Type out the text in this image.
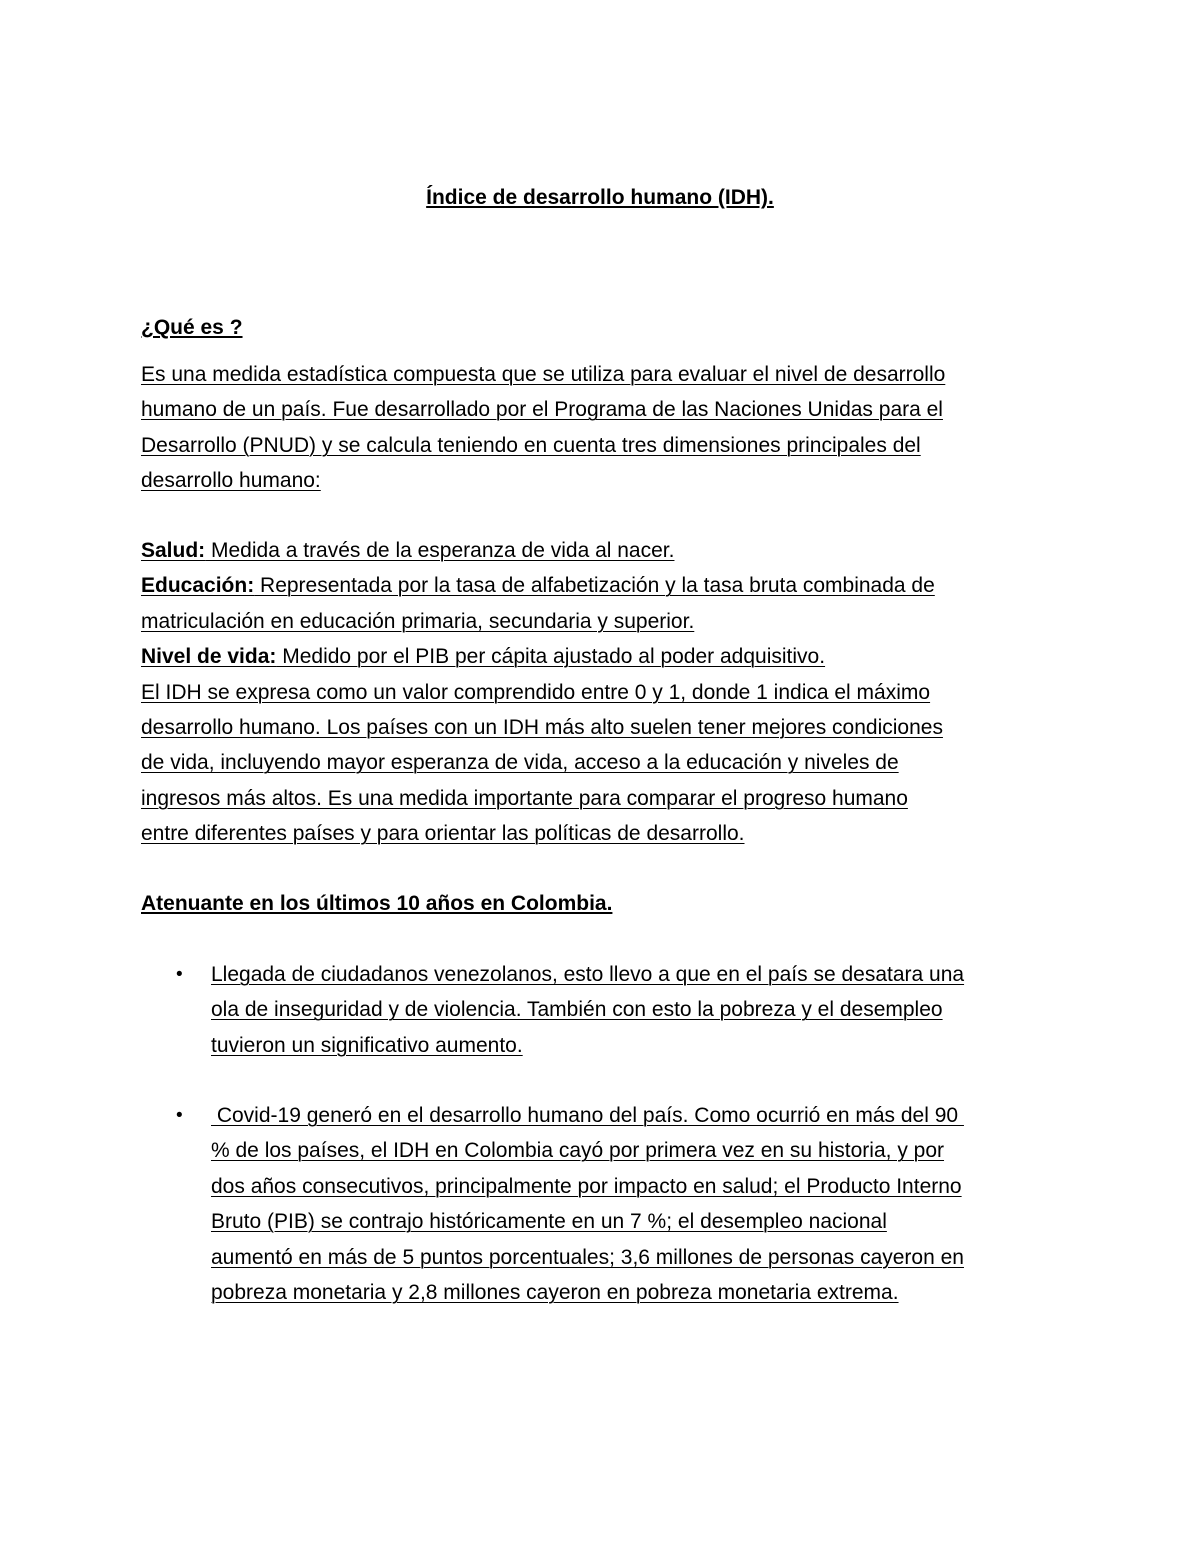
Índice de desarrollo humano (IDH).
¿Qué es ?
Es una medida estadística compuesta que se utiliza para evaluar el nivel de desarrollo
humano de un país. Fue desarrollado por el Programa de las Naciones Unidas para el
Desarrollo (PNUD) y se calcula teniendo en cuenta tres dimensiones principales del
desarrollo humano:
Salud: Medida a través de la esperanza de vida al nacer.
Educación: Representada por la tasa de alfabetización y la tasa bruta combinada de
matriculación en educación primaria, secundaria y superior.
Nivel de vida: Medido por el PIB per cápita ajustado al poder adquisitivo.
El IDH se expresa como un valor comprendido entre 0 y 1, donde 1 indica el máximo
desarrollo humano. Los países con un IDH más alto suelen tener mejores condiciones
de vida, incluyendo mayor esperanza de vida, acceso a la educación y niveles de
ingresos más altos. Es una medida importante para comparar el progreso humano
entre diferentes países y para orientar las políticas de desarrollo.
Atenuante en los últimos 10 años en Colombia.
• Llegada de ciudadanos venezolanos, esto llevo a que en el país se desatara una
ola de inseguridad y de violencia. También con esto la pobreza y el desempleo
tuvieron un significativo aumento.
• Covid-19 generó en el desarrollo humano del país. Como ocurrió en más del 90
% de los países, el IDH en Colombia cayó por primera vez en su historia, y por
dos años consecutivos, principalmente por impacto en salud; el Producto Interno
Bruto (PIB) se contrajo históricamente en un 7 %; el desempleo nacional
aumentó en más de 5 puntos porcentuales; 3,6 millones de personas cayeron en
pobreza monetaria y 2,8 millones cayeron en pobreza monetaria extrema.
